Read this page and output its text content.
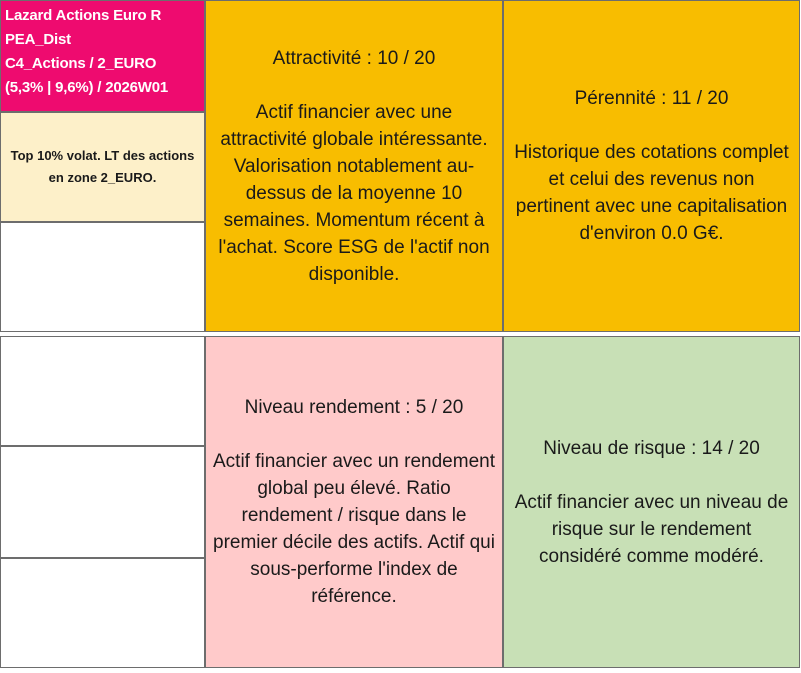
Lazard Actions Euro R
PEA_Dist
C4_Actions / 2_EURO
(5,3% | 9,6%) / 2026W01
Top 10% volat. LT des actions en zone 2_EURO.
Attractivité : 10 / 20
Actif financier avec une attractivité globale intéressante. Valorisation notablement au-dessus de la moyenne 10 semaines. Momentum récent à l'achat. Score ESG de l'actif non disponible.
Pérennité : 11 / 20
Historique des cotations complet et celui des revenus non pertinent avec une capitalisation d'environ 0.0 G€.
Niveau rendement : 5 / 20
Actif financier avec un rendement global peu élevé. Ratio rendement / risque dans le premier décile des actifs. Actif qui sous-performe l'index de référence.
Niveau de risque : 14 / 20
Actif financier avec un niveau de risque sur le rendement considéré comme modéré.
